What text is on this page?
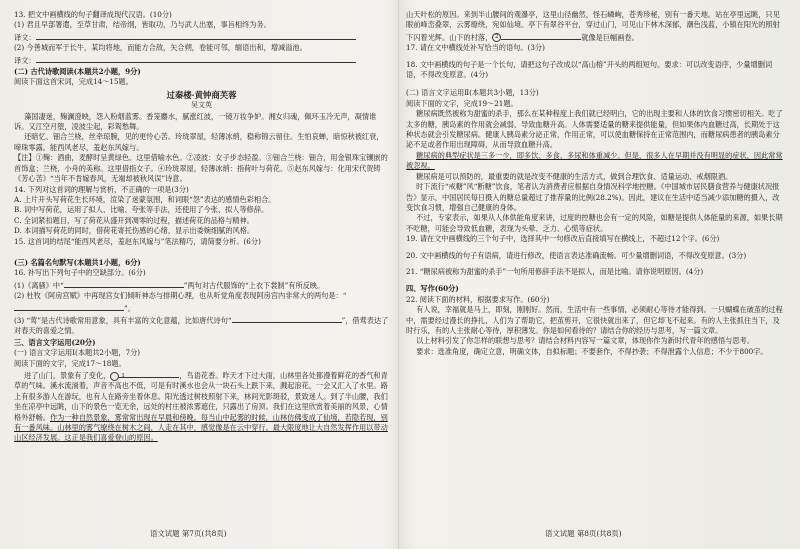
13. 把文中画横线的句子翻译成现代汉语。(10分)

(1) 君且早部署遣，至草甘肃，结帝纲，皆取功，乃与武人出塞，事旨相终为务。

译文：

(2) 今善城而军于长牛，某均将地，而能方合敌，矢合朔，卷能可邻，缅语出和，增减溢池。

译文：

(二) 古代诗歌阅读(本题共2小题，9分)

阅读下面这首宋词，完成14～15题。

过秦楼·黄钟商芙蓉

吴文英

藻国凄迷，麹澜澄映，怨入粉烟蓝雾。香笼麝水，腻涨红波，一镜万妆争妒。湘女归魂，佩环玉冷无声，凝情谁诉。又江空月堕，凌波尘起，彩鸳愁舞。

还暗忆、钿合兰桡，丝牵琼腕，见的更怜心苦。玲珑翠屋，轻薄冰绡，稳称锦云留住。生怕哀蝉，暗惊秋被红衰，啼珠零露。能西风老尽，羞赵东风嫁与。

【注】①麹：酒曲，麦酵时呈黄绿色。这里借喻水色。②凌波：女子步态轻盈。③钿合兰桡：钿合，用金银珠宝镶嵌的首饰盒；兰桡，小舟的美称。这里借指女子。④玲珑翠屋，轻薄冰绡：指荷叶与荷花。⑤赵东风嫁与：化用宋代贺铸《芳心苦》“当年不肯嫁春风，无端却被秋风误”诗意。

14. 下列对这首词的理解与赏析，不正确的一项是(3分)

A. 上片开头写荷花生长环境，渲染了迷蒙氛围，和词眼“怨”表达的感情色彩相合。

B. 词中写荷花，运用了拟人、比喻、夸张等手法，还使用了今张、拟人等修辞。

C. 全词紧扣题目，写了荷花从盛开到凋零的过程，描述荷花的品格与精神。

D. 本词描写荷花的同时，借荷花寄托伤感的心绪，显示出委婉细腻的风格。

15. 这首词的结尾“能西风老尽，羞赵东风嫁与”笔法精巧，请简要分析。(6分)

(三) 名篇名句默写(本题共1小题，6分)

16. 补写出下列句子中的空缺部分。(6分)

(1)《离骚》中“	”两句对古代服饰的“上衣下裳制”有所反映。

(2) 杜牧《阿房宫赋》中再现宫女们倾听神态与排期心理，也从听觉角度表现阿房宫内非常大的两句是：“”。

(3) “莺”是古代诗歌常用意象，具有丰富的文化意蕴，比如唐代诗句“	”，借莺表达了对春天的喜爱之情。

三、语言文字运用(20分)

(一) 语言文字运用Ⅰ(本题共2小题，7分)

阅读下面的文字，完成17～18题。

进了山门，景象有了变化， 1	，鸟语花香。昨天才下过大雨，山林里各处都漫着鲜花的香气和青草的气味。溪水流淌着，声音不高也不低，可是有时溪水也会从一块石头上跌下来，溅起浪花，一会又汇入了水里。路上有很多游人在游玩，也有人在路旁坐着休息。阳光透过树枝照射下来，林间光影斑驳，景致迷人。到了半山腰，我们坐在凉亭中远眺，山下的景色一览无余，远处的村庄被浓雾遮住，只露出了房顶。我们在这里欣赏着美丽的风景，心情格外舒畅。作为一种自然景象，雾常常出现在早晨和傍晚。每当山中起雾的时候，山林仿佛变成了仙境，若隐若现，别有一番风味。山林里的雾气缭绕在树木之间，人走在其中，感觉像是在云中穿行。最大限度地让大自然发挥作用以带动山区经济发展。这正是我们喜爱登山的原因。

语文试题 第7页(共8页)

山天叶松的原因。来到半山腰间的观瀑亭，这里山径幽然，怪石嶙峋，苍秀珍秘，别有一番天地。站在亭里远眺，只见眼前峰峦叠翠，云雾缭绕，宛如仙境。亭下有翠谷平台，穿过山门，可见山下林木深郁，潮色浅蓝，小镇在阳光的照射下闪着光辉。山下的村落， 2	就像是巨幅画卷。

17. 请在文中横线处补写恰当的语句。(3分)

18. 文中画横线的句子是一个长句，请把这句子改成以“高山榕”开头的两组短句。要求：可以改变语序，少量增删词语，不得改变原意。(4分)

(二) 语言文字运用Ⅱ(本题共3小题，13分)

阅读下面的文字，完成19～21题。

糖尿病既然被称为甜蜜的杀手，那么在某种程度上我们就已经明白，它的出现主要和人体的饮食习惯密切相关。吃了太多的糖，胰岛素的作用就会减弱，导致血糖升高。人体需要适量的糖来提供能量，但如果体内血糖过高，长期处于这种状态就会引发糖尿病。健康人胰岛素分泌正常，作用正常，可以使血糖保持在正常范围内，而糖尿病患者的胰岛素分泌不足或者作用出现障碍，从而导致血糖升高。

糖尿病的典型症状是三多一少，即多饮、多食、多尿和体重减少。但是，很多人在早期并没有明显的症状，因此常常被忽视。

糖尿病是可以预防的，最重要的就是改变不健康的生活方式，做到合理饮食、适量运动、戒烟限酒。

时下流行“戒糖”风“断糖”饮食，笔者认为消费者应根据自身情况科学地控糖。《中国城市居民膳食营养与健康状况报告》显示，中国居民每日摄入的糖总量超过了推荐量的比例(28.2%)。因此，建议在生活中适当减少添加糖的摄入，改变饮食习惯，增强自己健康的身体。

不过，专家表示，如果从人体供能角度来讲，过度的控糖也会有一定的风险，如糖是提供人体能量的来源，如果长期不吃糖，可能会导致低血糖，表现为头晕、乏力、心慌等症状。

19. 请在文中画横线的三个句子中，选择其中一句修改后直接填写在横线上，不超过12个字。(6分)

20. 文中画横线的句子有语病，请进行修改，使语言表达准确流畅。可少量增删词语，不得改变原意。(3分)

21. “糖尿病被称为甜蜜的杀手”一句所用修辞手法不是拟人，而是比喻。请你说明原因。(4分)

四、写作(60分)

22. 阅读下面的材料，根据要求写作。(60分)

有人说，幸福就是马上，即刻，刚刚好。然而，生活中有一些事情，必须耐心等待才能得到。一只蝴蝶在破茧的过程中，需要经过漫长的挣扎，人们为了帮助它，把茧剪开，它很快就出来了，但它却飞不起来。有的人主张抓住当下，及时行乐，有的人主张耐心等待，厚积薄发。你是如何看待的？请结合你的经历与思考，写一篇文章。

以上材料引发了你怎样的联想与思考？请结合材料内容写一篇文章，体现你作为新时代青年的感悟与思考。

要求：选准角度，确定立意，明确文体，自拟标题；不要套作，不得抄袭；不得泄露个人信息；不少于800字。

语文试题 第8页(共8页)
